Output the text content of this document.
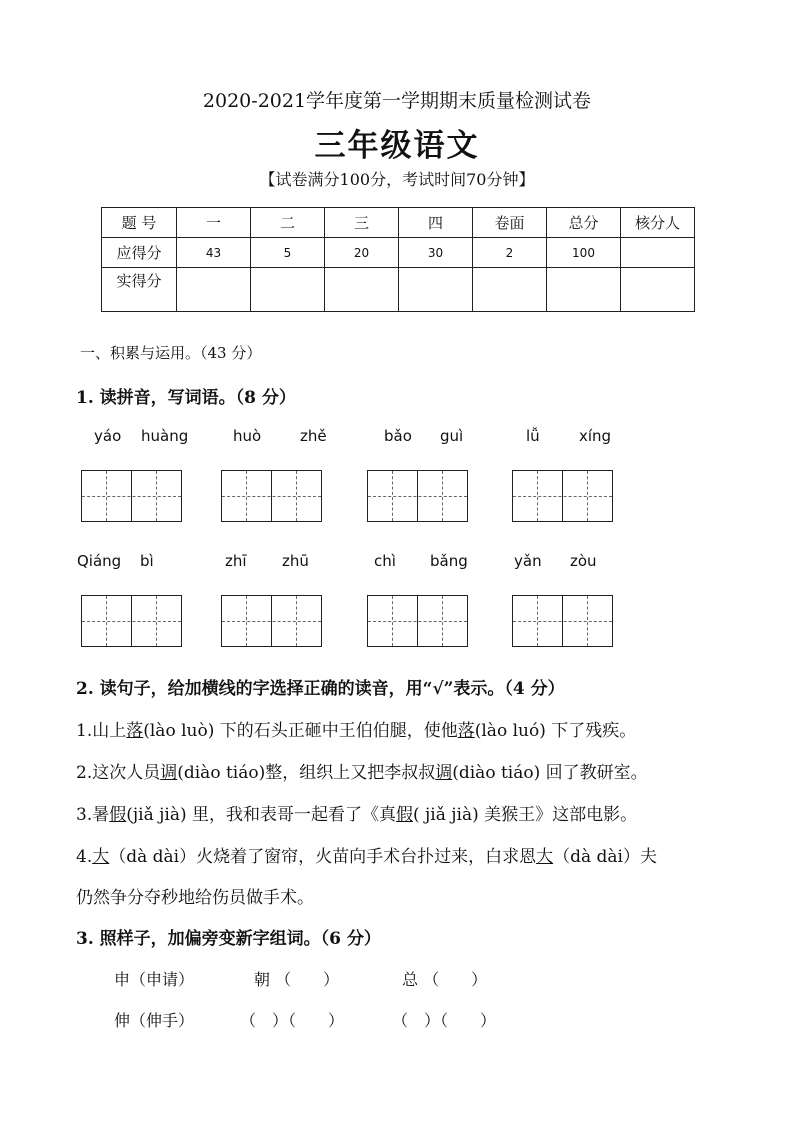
2020-2021学年度第一学期期末质量检测试卷
三年级语文
【试卷满分100分，考试时间70分钟】
题 号	一	二	三	四	卷面	总分	核分人
应得分	43	5	20	30	2	100	
实得分							
一、积累与运用。（43 分）
1. 读拼音，写词语。（8 分）
yáo huàng	huò	zhě	bǎo guì	lǚ	xíng
Qiáng bì	zhī zhū	chì bǎng	yǎn zòu
2. 读句子，给加横线的字选择正确的读音，用“√”表示。（4 分）
1.山上落(lào luò) 下的石头正砸中王伯伯腿，使他落(lào luó) 下了残疾。
2.这次人员调(diào tiáo)整，组织上又把李叔叔调(diào tiáo) 回了教研室。
3.暑假(jiǎ jià) 里，我和表哥一起看了《真假( jiǎ jià) 美猴王》这部电影。
4.大（dà dài）火烧着了窗帘，火苗向手术台扑过来，白求恩大（dà dài）夫
仍然争分夺秒地给伤员做手术。
3. 照样子，加偏旁变新字组词。（6 分）
申（申请）	朝 （　　）	总 （　　）
伸（伸手）	（　）（　　）	（　）（　　）
